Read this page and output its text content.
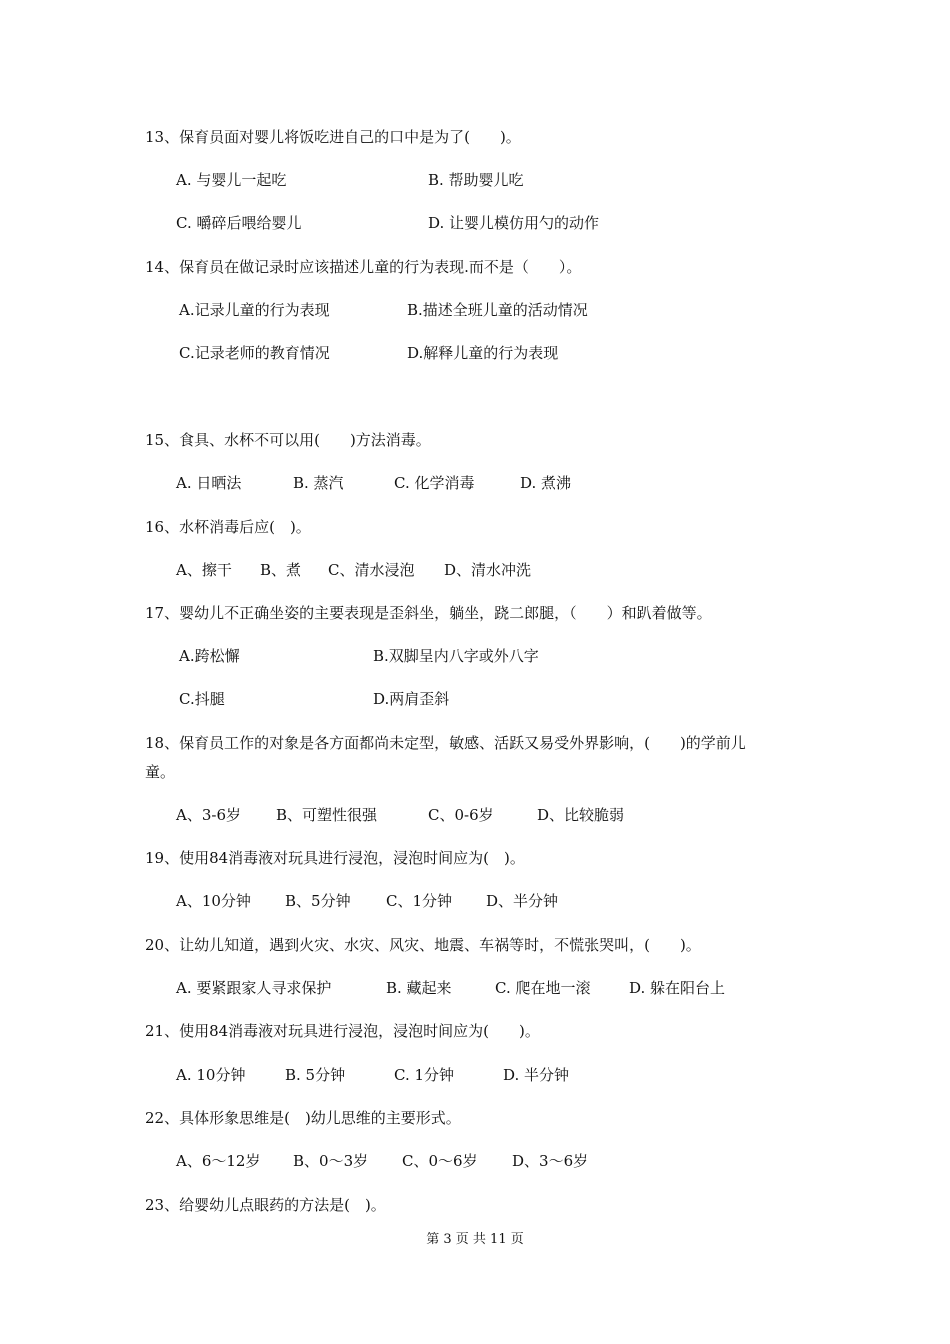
13、保育员面对婴儿将饭吃进自己的口中是为了(　　)。
A. 与婴儿一起吃	B. 帮助婴儿吃
C. 嚼碎后喂给婴儿	D. 让婴儿模仿用勺的动作
14、保育员在做记录时应该描述儿童的行为表现.而不是（　　）。
A.记录儿童的行为表现	B.描述全班儿童的活动情况
C.记录老师的教育情况	D.解释儿童的行为表现
15、食具、水杯不可以用(　　)方法消毒。
A. 日晒法	B. 蒸汽	C. 化学消毒	D. 煮沸
16、水杯消毒后应(　)。
A、擦干 B、煮 C、清水浸泡 D、清水冲洗
17、婴幼儿不正确坐姿的主要表现是歪斜坐，躺坐，跷二郎腿，（　　）和趴着做等。
A.跨松懈	B.双脚呈内八字或外八字
C.抖腿	D.两肩歪斜
18、保育员工作的对象是各方面都尚未定型，敏感、活跃又易受外界影响，(　　)的学前儿
童。
A、3-6岁 B、可塑性很强	C、0-6岁	D、比较脆弱
19、使用84消毒液对玩具进行浸泡，浸泡时间应为(　)。
A、10分钟 B、5分钟 C、1分钟 D、半分钟
20、让幼儿知道，遇到火灾、水灾、风灾、地震、车祸等时，不慌张哭叫，(　　)。
A. 要紧跟家人寻求保护	B. 藏起来	C. 爬在地一滚	D. 躲在阳台上
21、使用84消毒液对玩具进行浸泡，浸泡时间应为(　　)。
A. 10分钟	B. 5分钟	C. 1分钟	D. 半分钟
22、具体形象思维是(　)幼儿思维的主要形式。
A、6～12岁 B、0～3岁 C、0～6岁 D、3～6岁
23、给婴幼儿点眼药的方法是(　)。
第 3 页 共 11 页
